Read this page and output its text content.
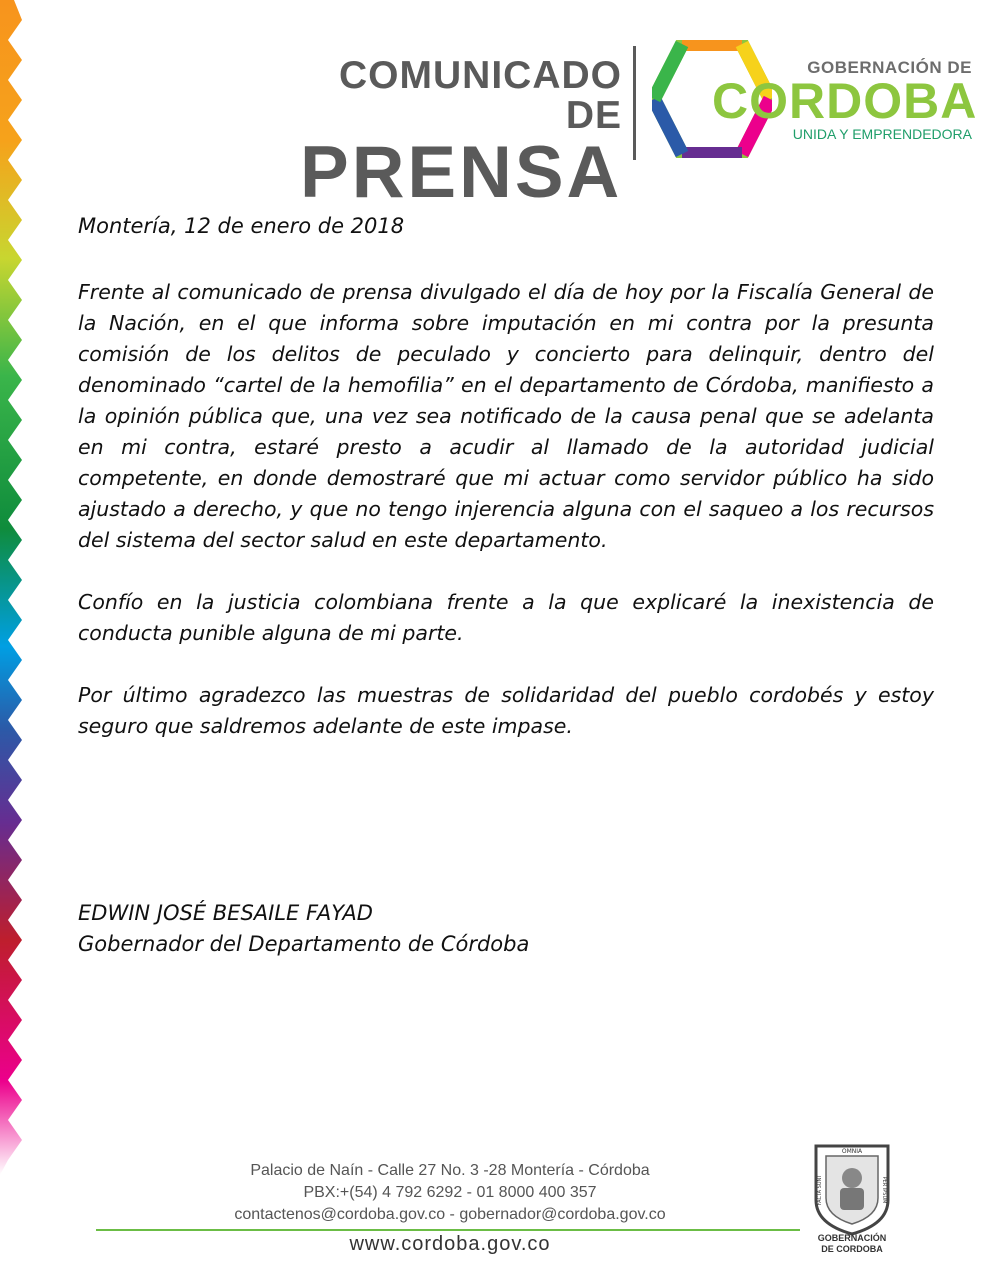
COMUNICADO DE
PRENSA
GOBERNACIÓN DE
CORDOBA
UNIDA Y EMPRENDEDORA
Montería, 12 de enero de 2018

Frente al comunicado de prensa divulgado el día de hoy por la Fiscalía General de la Nación, en el que informa sobre imputación en mi contra por la presunta comisión de los delitos de peculado y concierto para delinquir, dentro del denominado “cartel de la hemofilia” en el departamento de Córdoba, manifiesto a la opinión pública que, una vez sea notificado de la causa penal que se adelanta en mi contra, estaré presto a acudir al llamado de la autoridad judicial competente, en donde demostraré que mi actuar como servidor público ha sido ajustado a derecho, y que no tengo injerencia alguna con el saqueo a los recursos del sistema del sector salud en este departamento.

Confío en la justicia colombiana frente a la que explicaré la inexistencia de conducta punible alguna de mi parte.

Por último agradezco las muestras de solidaridad del pueblo cordobés y estoy seguro que saldremos adelante de este impase.

EDWIN JOSÉ BESAILE FAYAD
Gobernador del Departamento de Córdoba
Palacio de Naín - Calle 27 No. 3 -28 Montería - Córdoba
PBX:+(54) 4 792 6292 - 01 8000 400 357
contactenos@cordoba.gov.co - gobernador@cordoba.gov.co
www.cordoba.gov.co
OMNIA
FACTA SUNT	PER IPSUM
GOBERNACIÓN
DE CORDOBA
